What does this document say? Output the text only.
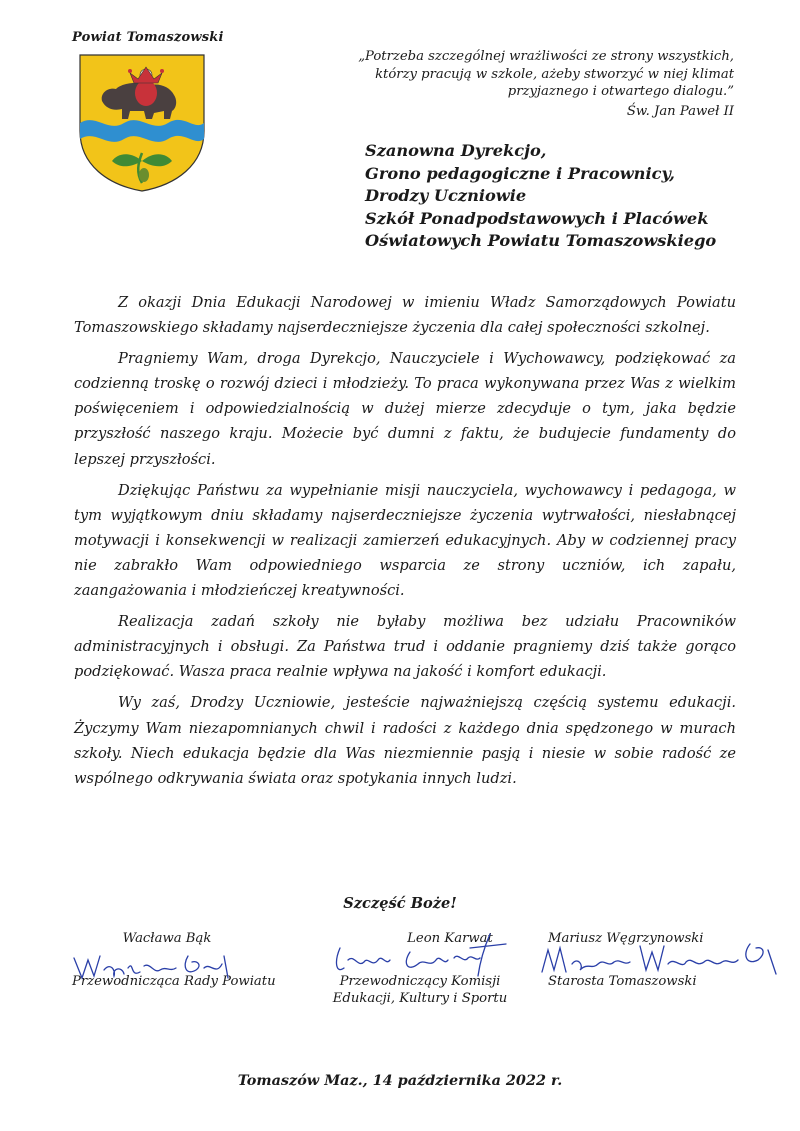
Powiat Tomaszowski
„Potrzeba szczególnej wrażliwości ze strony wszystkich, którzy pracują w szkole, ażeby stworzyć w niej klimat przyjaznego i otwartego dialogu.”
Św. Jan Paweł II
Szanowna Dyrekcjo,
Grono pedagogiczne i Pracownicy,
Drodzy Uczniowie
Szkół Ponadpodstawowych i Placówek
Oświatowych Powiatu Tomaszowskiego

Z okazji Dnia Edukacji Narodowej w imieniu Władz Samorządowych Powiatu Tomaszowskiego składamy najserdeczniejsze życzenia dla całej społeczności szkolnej.

Pragniemy Wam, droga Dyrekcjo, Nauczyciele i Wychowawcy, podziękować za codzienną troskę o rozwój dzieci i młodzieży. To praca wykonywana przez Was z wielkim poświęceniem i odpowiedzialnością w dużej mierze zdecyduje o tym, jaka będzie przyszłość naszego kraju. Możecie być dumni z faktu, że budujecie fundamenty do lepszej przyszłości.

Dziękując Państwu za wypełnianie misji nauczyciela, wychowawcy i pedagoga, w tym wyjątkowym dniu składamy najserdeczniejsze życzenia wytrwałości, niesłabnącej motywacji i konsekwencji w realizacji zamierzeń edukacyjnych. Aby w codziennej pracy nie zabrakło Wam odpowiedniego wsparcia ze strony uczniów, ich zapału, zaangażowania i młodzieńczej kreatywności.

Realizacja zadań szkoły nie byłaby możliwa bez udziału Pracowników administracyjnych i obsługi. Za Państwa trud i oddanie pragniemy dziś także gorąco podziękować. Wasza praca realnie wpływa na jakość i komfort edukacji.

Wy zaś, Drodzy Uczniowie, jesteście najważniejszą częścią systemu edukacji. Życzymy Wam niezapomnianych chwil i radości z każdego dnia spędzonego w murach szkoły. Niech edukacja będzie dla Was niezmiennie pasją i niesie w sobie radość ze wspólnego odkrywania świata oraz spotykania innych ludzi.

Szczęść Boże!
Wacława Bąk
Przewodnicząca Rady Powiatu
Leon Karwat
Przewodniczący Komisji
Edukacji, Kultury i Sportu
Mariusz Węgrzynowski
Starosta Tomaszowski
Tomaszów Maz., 14 października 2022 r.
